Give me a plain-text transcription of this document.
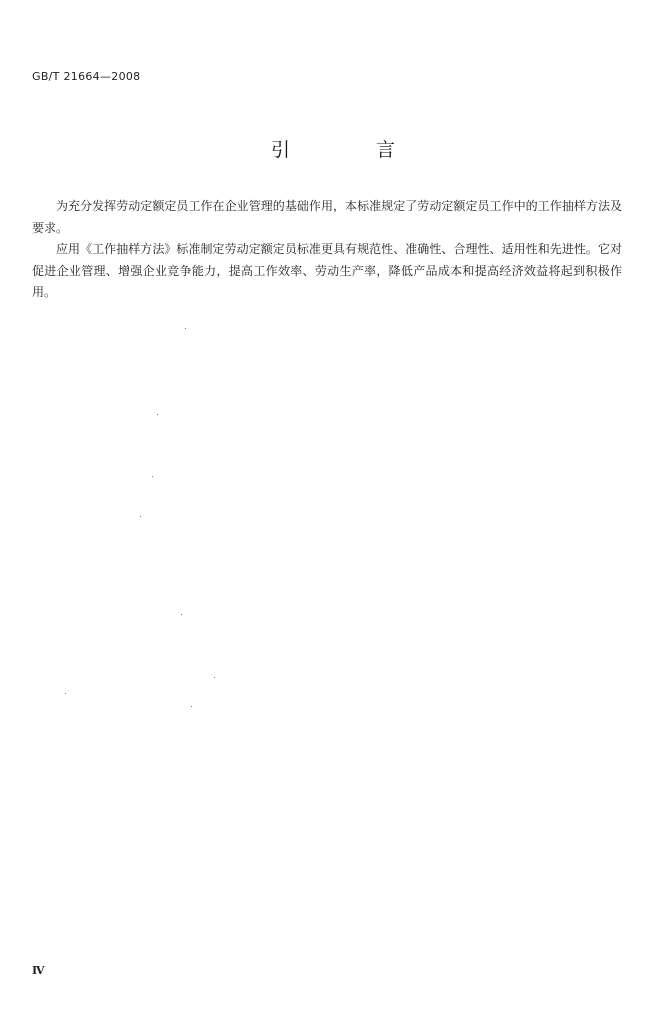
GB/T 21664—2008
引 言

为充分发挥劳动定额定员工作在企业管理的基础作用，本标准规定了劳动定额定员工作中的工作抽样方法及要求。

应用《工作抽样方法》标准制定劳动定额定员标准更具有规范性、准确性、合理性、适用性和先进性。它对促进企业管理、增强企业竞争能力，提高工作效率、劳动生产率，降低产品成本和提高经济效益将起到积极作用。

Ⅳ
